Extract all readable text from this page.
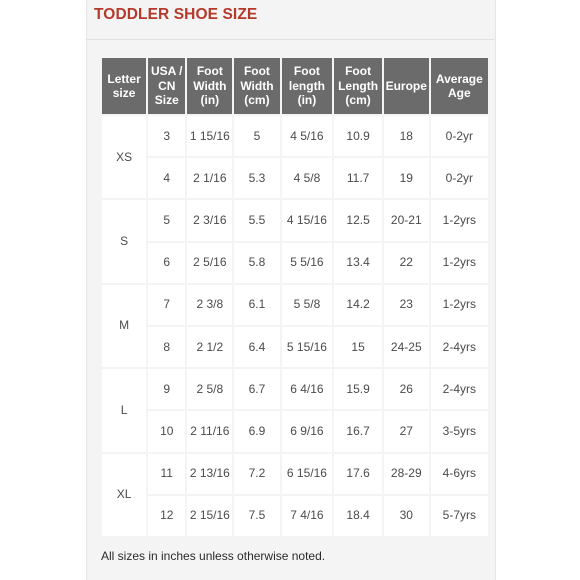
TODDLER SHOE SIZE
Letter size	USA / CN Size	Foot Width (in)	Foot Width (cm)	Foot length (in)	Foot Length (cm)	Europe	Average Age
XS	3	1 15/16	5	4 5/16	10.9	18	0-2yr
	4	2 1/16	5.3	4 5/8	11.7	19	0-2yr
S	5	2 3/16	5.5	4 15/16	12.5	20-21	1-2yrs
	6	2 5/16	5.8	5 5/16	13.4	22	1-2yrs
M	7	2 3/8	6.1	5 5/8	14.2	23	1-2yrs
	8	2 1/2	6.4	5 15/16	15	24-25	2-4yrs
L	9	2 5/8	6.7	6 4/16	15.9	26	2-4yrs
	10	2 11/16	6.9	6 9/16	16.7	27	3-5yrs
XL	11	2 13/16	7.2	6 15/16	17.6	28-29	4-6yrs
	12	2 15/16	7.5	7 4/16	18.4	30	5-7yrs
All sizes in inches unless otherwise noted.
